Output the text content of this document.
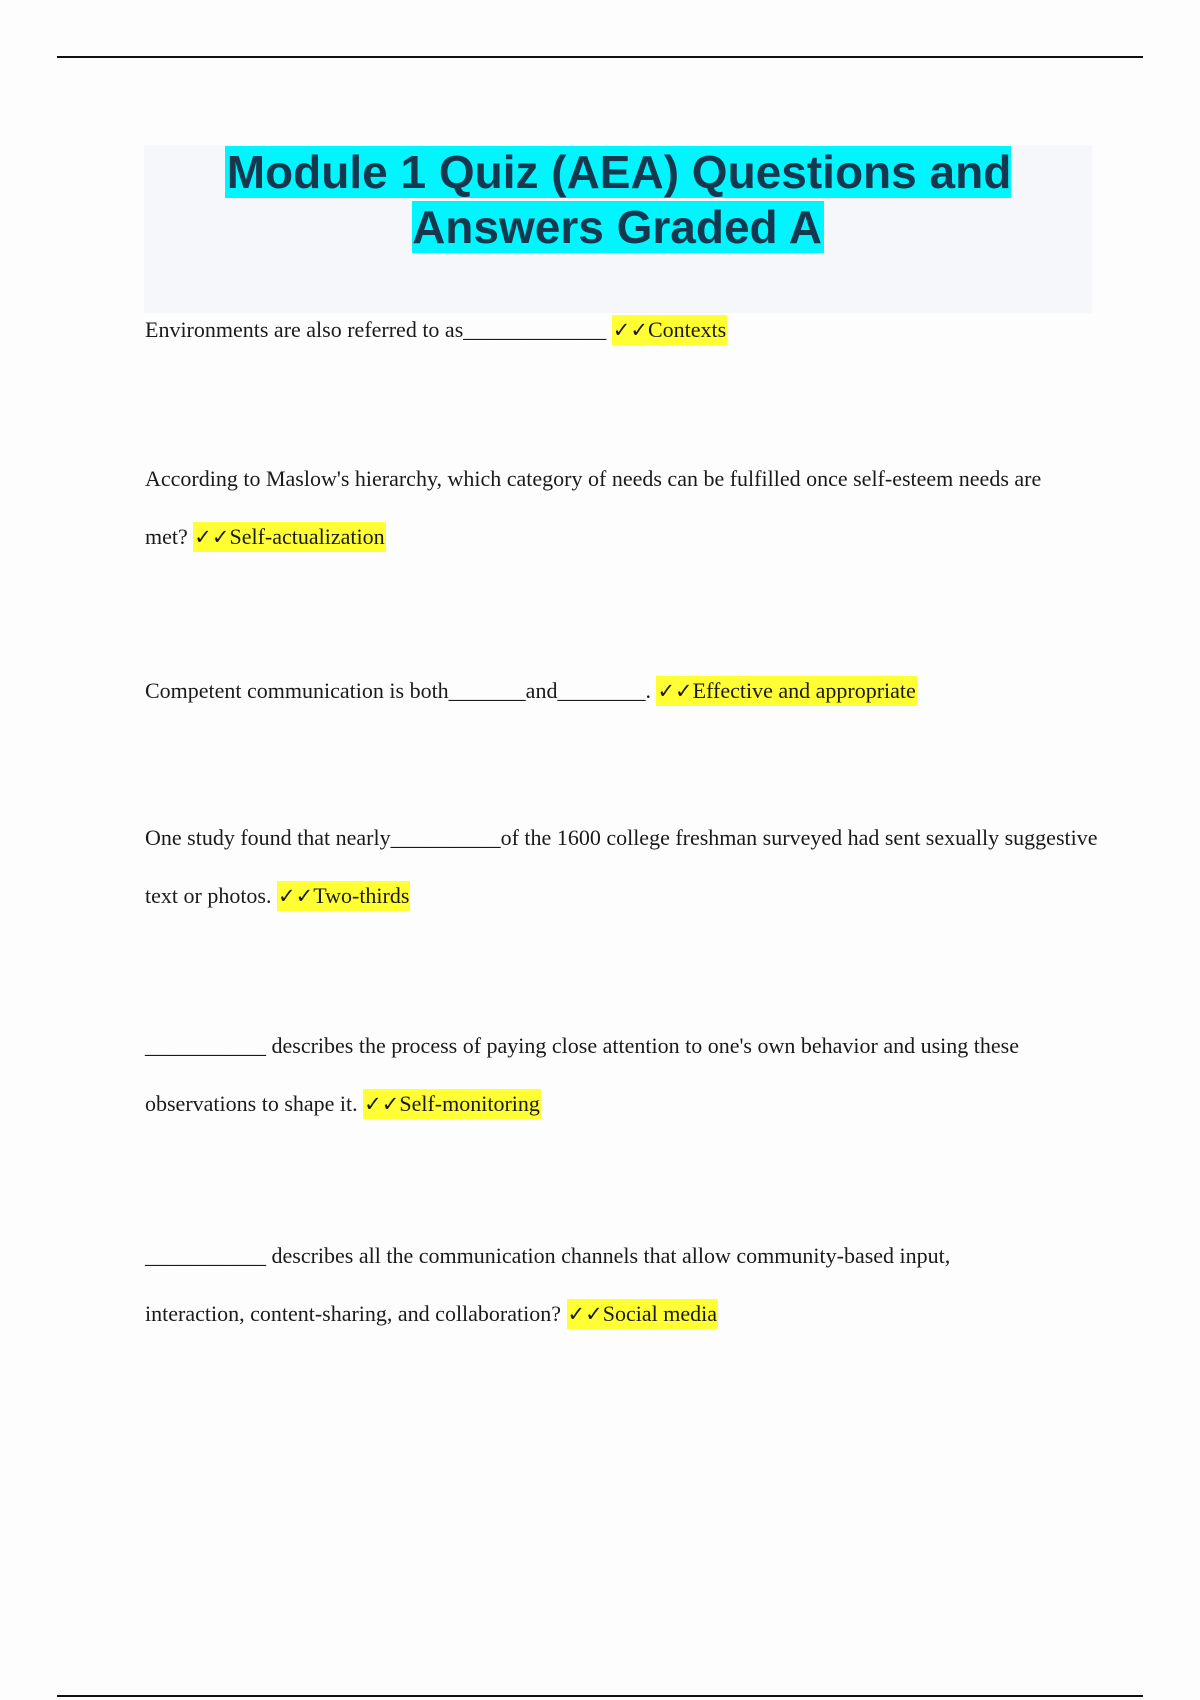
Module 1 Quiz (AEA) Questions and Answers Graded A

Environments are also referred to as_____________ ✓✓Contexts

According to Maslow's hierarchy, which category of needs can be fulfilled once self-esteem needs are met? ✓✓Self-actualization

Competent communication is both_______and________. ✓✓Effective and appropriate

One study found that nearly__________of the 1600 college freshman surveyed had sent sexually suggestive text or photos. ✓✓Two-thirds

___________ describes the process of paying close attention to one's own behavior and using these observations to shape it. ✓✓Self-monitoring

___________ describes all the communication channels that allow community-based input, interaction, content-sharing, and collaboration? ✓✓Social media
